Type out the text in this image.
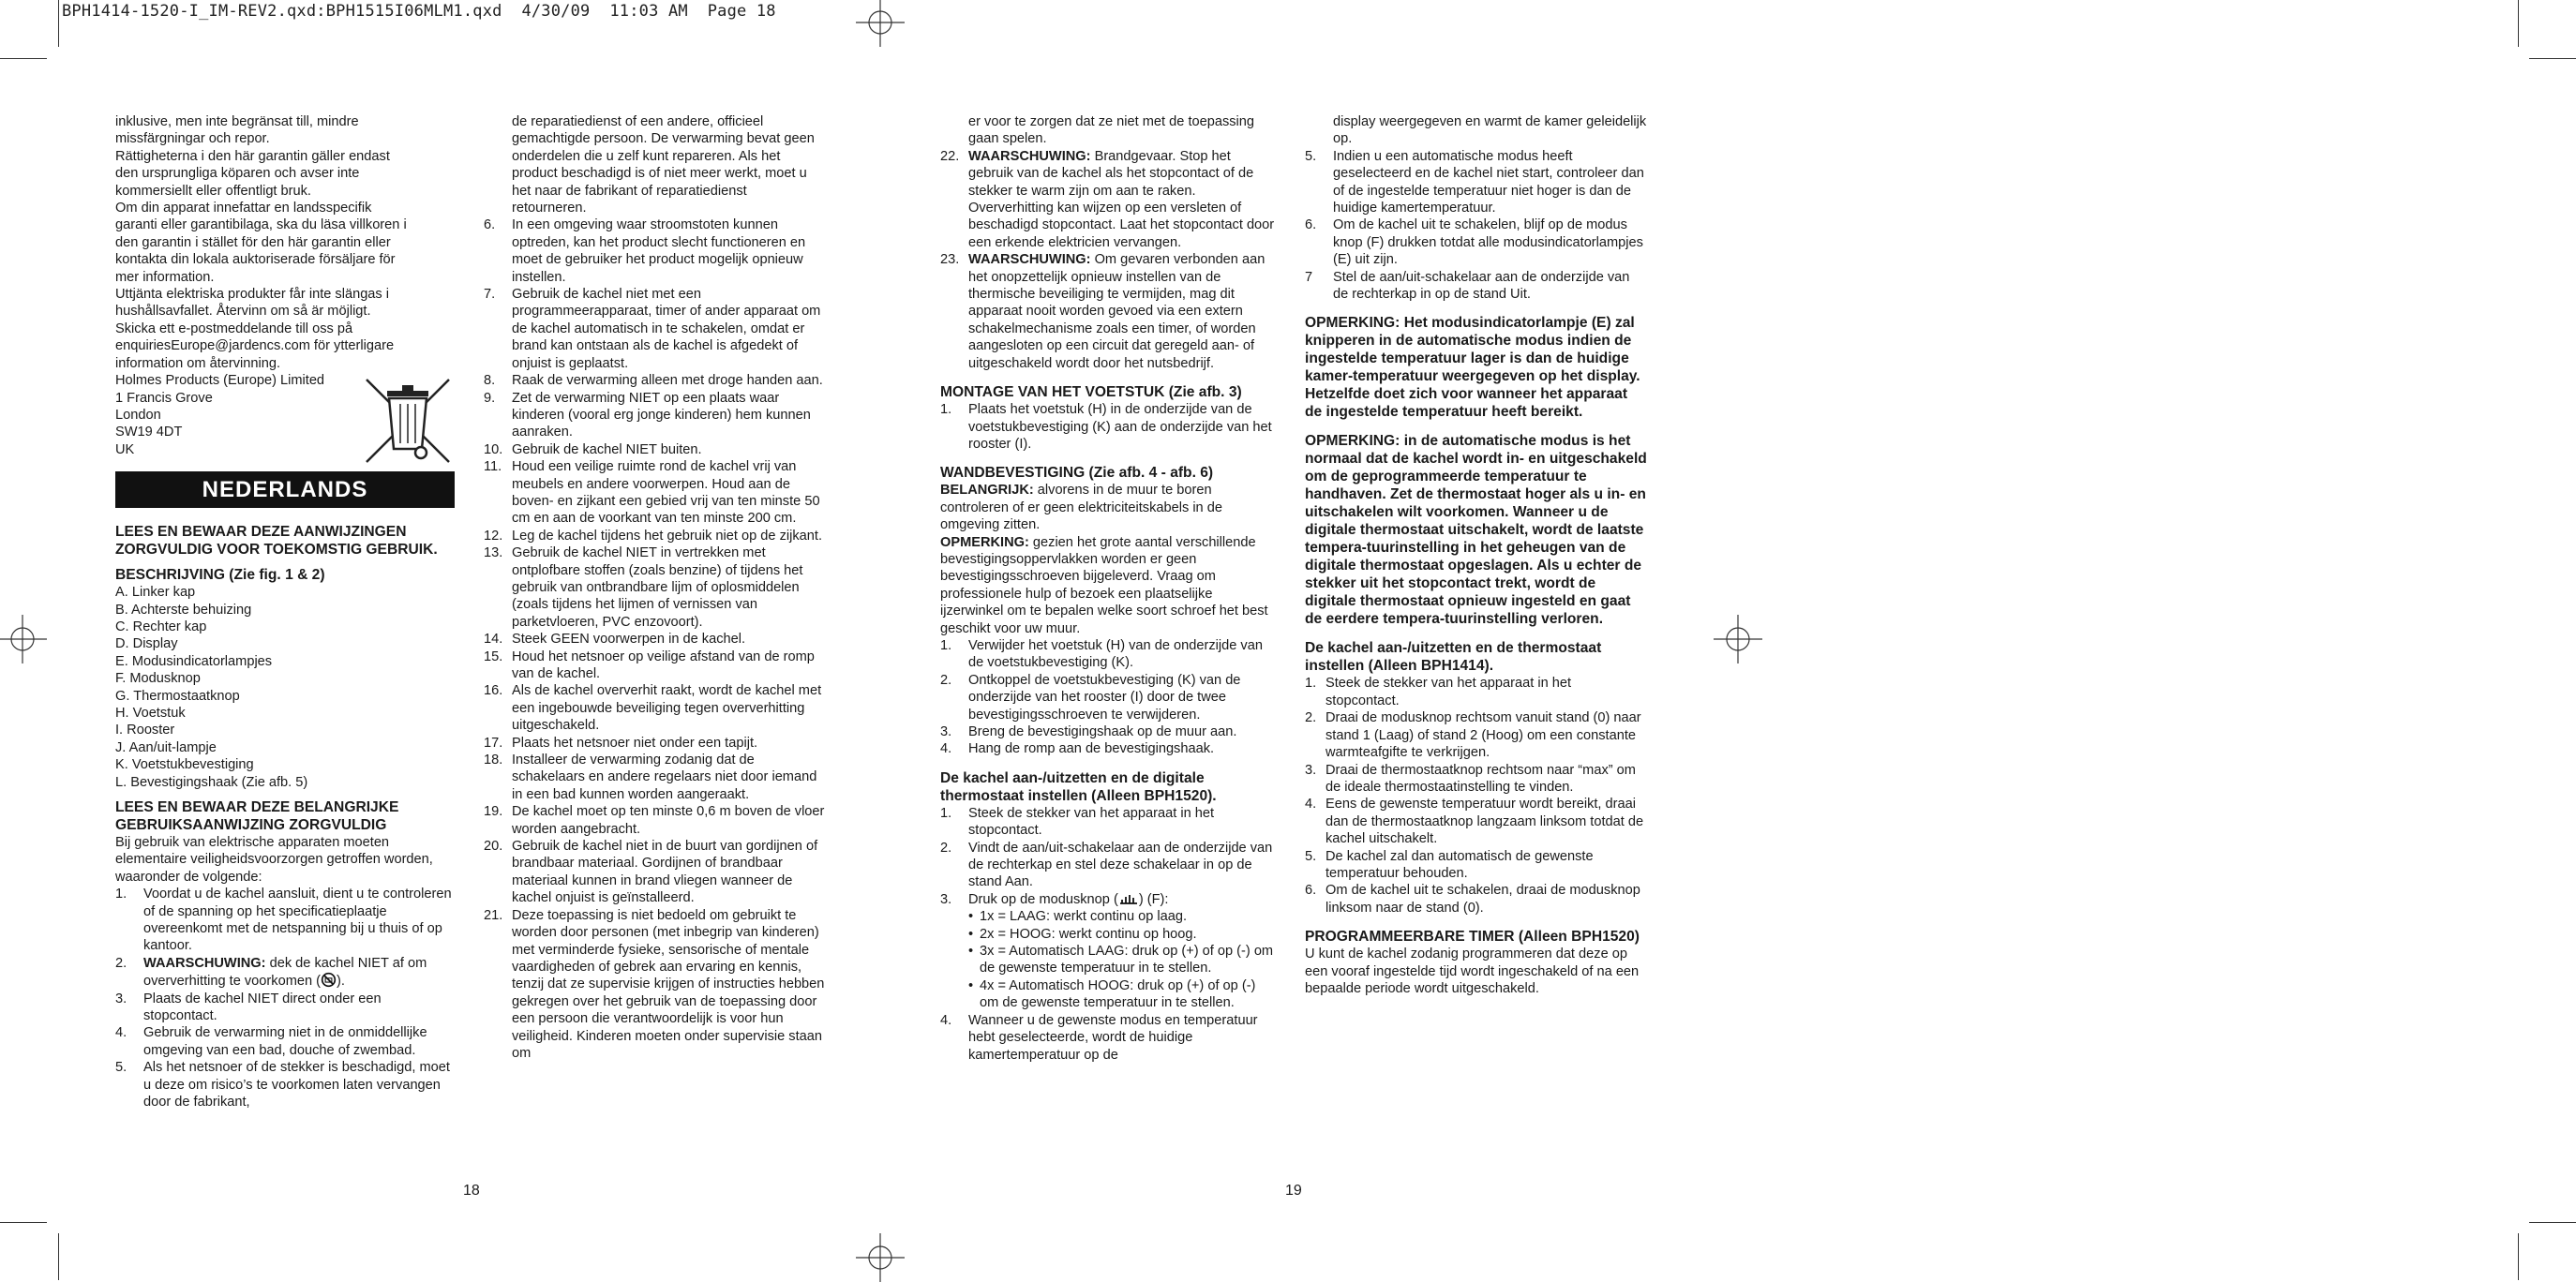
BPH1414-1520-I_IM-REV2.qxd:BPH1515I06MLM1.qxd  4/30/09  11:03 AM  Page 18

inklusive, men inte begränsat till, mindre

missfärgningar och repor.

Rättigheterna i den här garantin gäller endast

den ursprungliga köparen och avser inte

kommersiellt eller offentligt bruk.

Om din apparat innefattar en landsspecifik

garanti eller garantibilaga, ska du läsa villkoren i

den garantin i stället för den här garantin eller

kontakta din lokala auktoriserade försäljare för

mer information.

Uttjänta elektriska produkter får inte slängas i

hushållsavfallet. Återvinn om så är möjligt.

Skicka ett e-postmeddelande till oss på

enquiriesEurope@jardencs.com för ytterligare

information om återvinning.

Holmes Products (Europe) Limited

1 Francis Grove

London

SW19 4DT

UK

NEDERLANDS

LEES EN BEWAAR DEZE AANWIJZINGEN ZORGVULDIG VOOR TOEKOMSTIG GEBRUIK.

BESCHRIJVING (Zie fig. 1 & 2)

A. Linker kap

B. Achterste behuizing

C. Rechter kap

D. Display

E. Modusindicatorlampjes

F. Modusknop

G. Thermostaatknop

H. Voetstuk

I. Rooster

J. Aan/uit-lampje

K. Voetstukbevestiging

L. Bevestigingshaak (Zie afb. 5)

LEES EN BEWAAR DEZE BELANGRIJKE GEBRUIKSAANWIJZING ZORGVULDIG

Bij gebruik van elektrische apparaten moeten elementaire veiligheidsvoorzorgen getroffen worden, waaronder de volgende:

1.	Voordat u de kachel aansluit, dient u te controleren of de spanning op het specificatieplaatje overeenkomt met de netspanning bij u thuis of op kantoor.
2.	WAARSCHUWING: dek de kachel NIET af om oververhitting te voorkomen ( ).
3.	Plaats de kachel NIET direct onder een stopcontact.
4.	Gebruik de verwarming niet in de onmiddellijke omgeving van een bad, douche of zwembad.
5.	Als het netsnoer of de stekker is beschadigd, moet u deze om risico’s te voorkomen laten vervangen door de fabrikant,

de reparatiedienst of een andere, officieel gemachtigde persoon. De verwarming bevat geen onderdelen die u zelf kunt repareren. Als het product beschadigd is of niet meer werkt, moet u het naar de fabrikant of reparatiedienst retourneren.

6.	In een omgeving waar stroomstoten kunnen optreden, kan het product slecht functioneren en moet de gebruiker het product mogelijk opnieuw instellen.
7.	Gebruik de kachel niet met een programmeerapparaat, timer of ander apparaat om de kachel automatisch in te schakelen, omdat er brand kan ontstaan als de kachel is afgedekt of onjuist is geplaatst.
8.	Raak de verwarming alleen met droge handen aan.
9.	Zet de verwarming NIET op een plaats waar kinderen (vooral erg jonge kinderen) hem kunnen aanraken.
10. Gebruik de kachel NIET buiten.
11. Houd een veilige ruimte rond de kachel vrij van meubels en andere voorwerpen. Houd aan de boven- en zijkant een gebied vrij van ten minste 50 cm en aan de voorkant van ten minste 200 cm.
12. Leg de kachel tijdens het gebruik niet op de zijkant.
13. Gebruik de kachel NIET in vertrekken met ontplofbare stoffen (zoals benzine) of tijdens het gebruik van ontbrandbare lijm of oplosmiddelen (zoals tijdens het lijmen of vernissen van parketvloeren, PVC enzovoort).
14. Steek GEEN voorwerpen in de kachel.
15. Houd het netsnoer op veilige afstand van de romp van de kachel.
16. Als de kachel oververhit raakt, wordt de kachel met een ingebouwde beveiliging tegen oververhitting uitgeschakeld.
17. Plaats het netsnoer niet onder een tapijt.
18. Installeer de verwarming zodanig dat de schakelaars en andere regelaars niet door iemand in een bad kunnen worden aangeraakt.
19. De kachel moet op ten minste 0,6 m boven de vloer worden aangebracht.
20. Gebruik de kachel niet in de buurt van gordijnen of brandbaar materiaal. Gordijnen of brandbaar materiaal kunnen in brand vliegen wanneer de kachel onjuist is geïnstalleerd.
21. Deze toepassing is niet bedoeld om gebruikt te worden door personen (met inbegrip van kinderen) met verminderde fysieke, sensorische of mentale vaardigheden of gebrek aan ervaring en kennis, tenzij dat ze supervisie krijgen of instructies hebben gekregen over het gebruik van de toepassing door een persoon die verantwoordelijk is voor hun veiligheid. Kinderen moeten onder supervisie staan om

er voor te zorgen dat ze niet met de toepassing gaan spelen.

22. WAARSCHUWING: Brandgevaar. Stop het gebruik van de kachel als het stopcontact of de stekker te warm zijn om aan te raken. Oververhitting kan wijzen op een versleten of beschadigd stopcontact. Laat het stopcontact door een erkende elektricien vervangen.
23. WAARSCHUWING: Om gevaren verbonden aan het onopzettelijk opnieuw instellen van de thermische beveiliging te vermijden, mag dit apparaat nooit worden gevoed via een extern schakelmechanisme zoals een timer, of worden aangesloten op een circuit dat geregeld aan- of uitgeschakeld wordt door het nutsbedrijf.

MONTAGE VAN HET VOETSTUK (Zie afb. 3)

1.	Plaats het voetstuk (H) in de onderzijde van de voetstukbevestiging (K) aan de onderzijde van het rooster (I).

WANDBEVESTIGING (Zie afb. 4 - afb. 6)

BELANGRIJK: alvorens in de muur te boren controleren of er geen elektriciteitskabels in de omgeving zitten.

OPMERKING: gezien het grote aantal verschillende bevestigingsoppervlakken worden er geen bevestigingsschroeven bijgeleverd. Vraag om professionele hulp of bezoek een plaatselijke ijzerwinkel om te bepalen welke soort schroef het best geschikt voor uw muur.

1.	Verwijder het voetstuk (H) van de onderzijde van de voetstukbevestiging (K).
2.	Ontkoppel de voetstukbevestiging (K) van de onderzijde van het rooster (I) door de twee bevestigingsschroeven te verwijderen.
3.	Breng de bevestigingshaak op de muur aan.
4.	Hang de romp aan de bevestigingshaak.

De kachel aan-/uitzetten en de digitale thermostaat instellen (Alleen BPH1520).

1.	Steek de stekker van het apparaat in het stopcontact.
2.	Vindt de aan/uit-schakelaar aan de onderzijde van de rechterkap en stel deze schakelaar in op de stand Aan.
3.	Druk op de modusknop ( ) (F):
• 1x = LAAG: werkt continu op laag.
• 2x = HOOG: werkt continu op hoog.
• 3x = Automatisch LAAG: druk op (+) of op (-) om de gewenste temperatuur in te stellen.
• 4x = Automatisch HOOG: druk op (+) of op (-) om de gewenste temperatuur in te stellen.
4.	Wanneer u de gewenste modus en temperatuur hebt geselecteerde, wordt de huidige kamertemperatuur op de

display weergegeven en warmt de kamer geleidelijk op.

5.	Indien u een automatische modus heeft geselecteerd en de kachel niet start, controleer dan of de ingestelde temperatuur niet hoger is dan de huidige kamertemperatuur.
6.	Om de kachel uit te schakelen, blijf op de modus knop (F) drukken totdat alle modusindicatorlampjes (E) uit zijn.
7	Stel de aan/uit-schakelaar aan de onderzijde van de rechterkap in op de stand Uit.

OPMERKING: Het modusindicatorlampje (E) zal knipperen in de automatische modus indien de ingestelde temperatuur lager is dan de huidige kamer-temperatuur weergegeven op het display. Hetzelfde doet zich voor wanneer het apparaat de ingestelde temperatuur heeft bereikt.

OPMERKING: in de automatische modus is het normaal dat de kachel wordt in- en uitgeschakeld om de geprogrammeerde temperatuur te handhaven. Zet de thermostaat hoger als u in- en uitschakelen wilt voorkomen. Wanneer u de digitale thermostaat uitschakelt, wordt de laatste tempera-tuurinstelling in het geheugen van de digitale thermostaat opgeslagen. Als u echter de stekker uit het stopcontact trekt, wordt de digitale thermostaat opnieuw ingesteld en gaat de eerdere tempera-tuurinstelling verloren.

De kachel aan-/uitzetten en de thermostaat instellen (Alleen BPH1414).

1. Steek de stekker van het apparaat in het stopcontact.
2. Draai de modusknop rechtsom vanuit stand (0) naar stand 1 (Laag) of stand 2 (Hoog) om een constante warmteafgifte te verkrijgen.
3. Draai de thermostaatknop rechtsom naar “max” om de ideale thermostaatinstelling te vinden.
4. Eens de gewenste temperatuur wordt bereikt, draai dan de thermostaatknop langzaam linksom totdat de kachel uitschakelt.
5. De kachel zal dan automatisch de gewenste temperatuur behouden.
6. Om de kachel uit te schakelen, draai de modusknop linksom naar de stand (0).

PROGRAMMEERBARE TIMER (Alleen BPH1520)

U kunt de kachel zodanig programmeren dat deze op een vooraf ingestelde tijd wordt ingeschakeld of na een bepaalde periode wordt uitgeschakeld.

18	19
